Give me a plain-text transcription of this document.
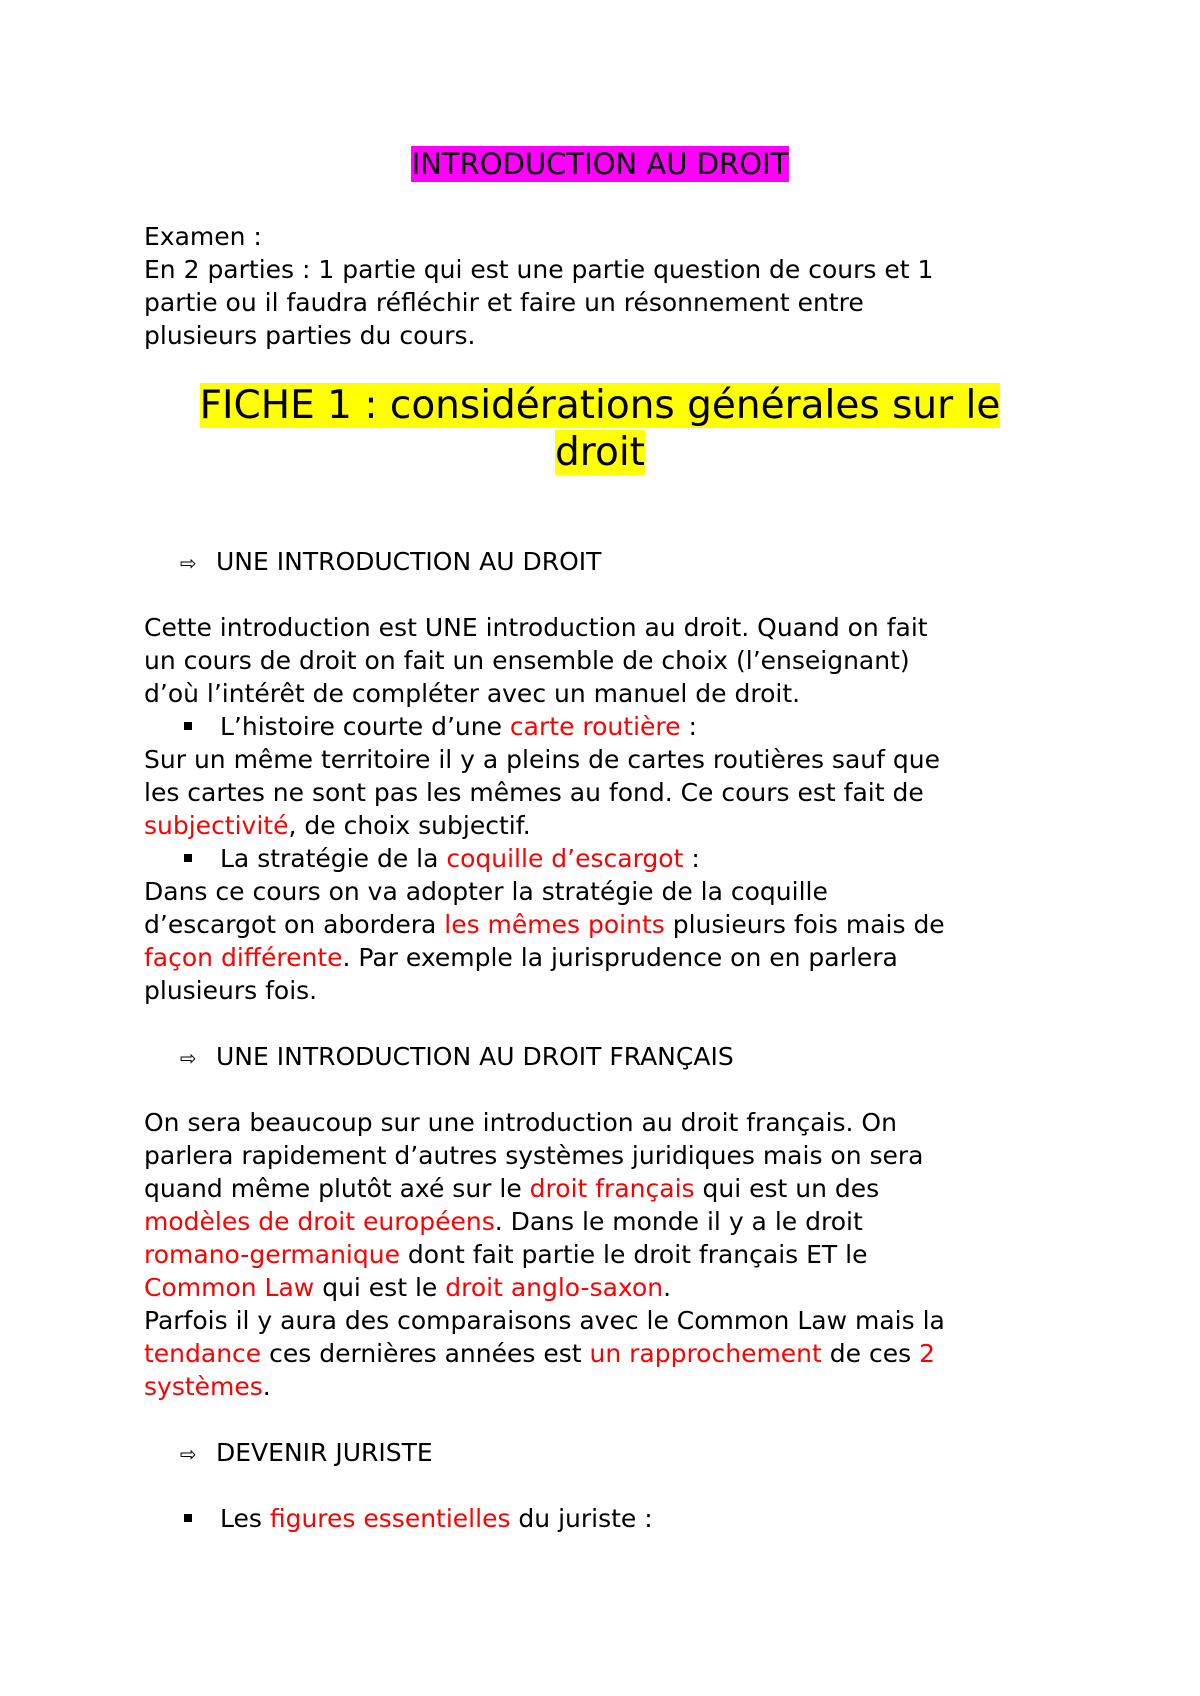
INTRODUCTION AU DROIT
Examen :
En 2 parties : 1 partie qui est une partie question de cours et 1
partie ou il faudra réfléchir et faire un résonnement entre
plusieurs parties du cours.
FICHE 1 : considérations générales sur le
droit
⇨ UNE INTRODUCTION AU DROIT
Cette introduction est UNE introduction au droit. Quand on fait
un cours de droit on fait un ensemble de choix (l’enseignant)
d’où l’intérêt de compléter avec un manuel de droit.
L’histoire courte d’une carte routière :
Sur un même territoire il y a pleins de cartes routières sauf que
les cartes ne sont pas les mêmes au fond. Ce cours est fait de
subjectivité, de choix subjectif.
La stratégie de la coquille d’escargot :
Dans ce cours on va adopter la stratégie de la coquille
d’escargot on abordera les mêmes points plusieurs fois mais de
façon différente. Par exemple la jurisprudence on en parlera
plusieurs fois.
⇨ UNE INTRODUCTION AU DROIT FRANÇAIS
On sera beaucoup sur une introduction au droit français. On
parlera rapidement d’autres systèmes juridiques mais on sera
quand même plutôt axé sur le droit français qui est un des
modèles de droit européens. Dans le monde il y a le droit
romano-germanique dont fait partie le droit français ET le
Common Law qui est le droit anglo-saxon.
Parfois il y aura des comparaisons avec le Common Law mais la
tendance ces dernières années est un rapprochement de ces 2
systèmes.
⇨ DEVENIR JURISTE
Les figures essentielles du juriste :
